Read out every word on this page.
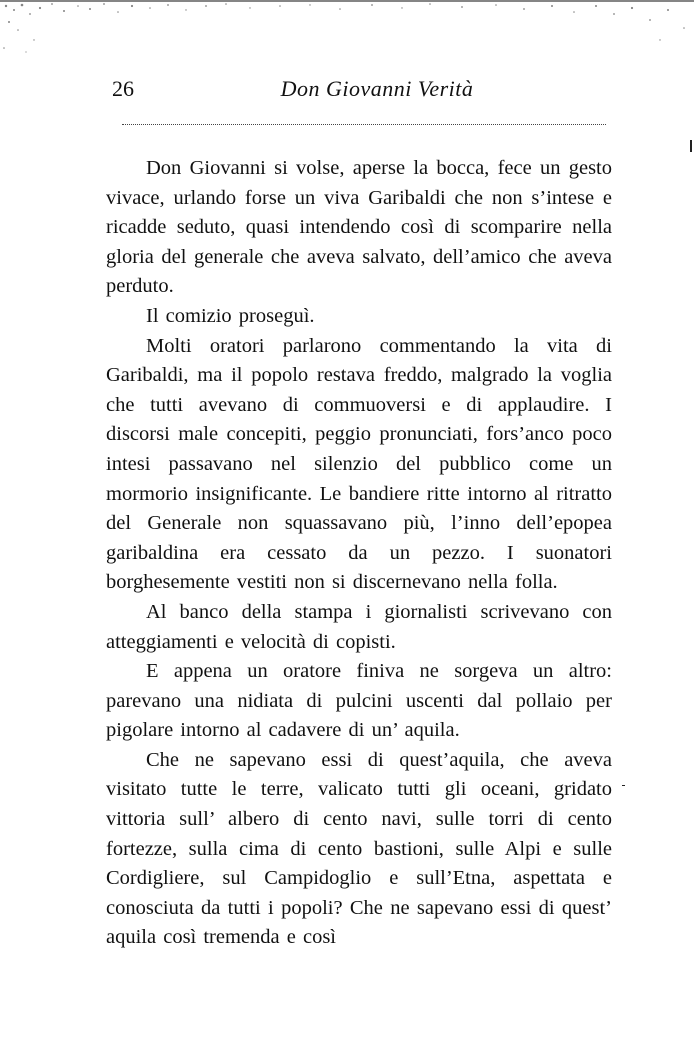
26	Don Giovanni Verità

Don Giovanni si volse, aperse la bocca, fece un gesto vivace, urlando forse un viva Garibaldi che non s’intese e ricadde seduto, quasi intendendo così di scomparire nella gloria del generale che aveva salvato, dell’amico che aveva perduto.

Il comizio proseguì.

Molti oratori parlarono commentando la vita di Garibaldi, ma il popolo restava freddo, malgrado la voglia che tutti avevano di commuoversi e di applaudire. I discorsi male concepiti, peggio pronunciati, fors’anco poco intesi passavano nel silenzio del pubblico come un mormorio insignificante. Le bandiere ritte intorno al ritratto del Generale non squassavano più, l’inno dell’epopea garibaldina era cessato da un pezzo. I suonatori borghesemente vestiti non si discernevano nella folla.

Al banco della stampa i giornalisti scrivevano con atteggiamenti e velocità di copisti.

E appena un oratore finiva ne sorgeva un altro: parevano una nidiata di pulcini uscenti dal pollaio per pigolare intorno al cadavere di un’ aquila.

Che ne sapevano essi di quest’aquila, che aveva visitato tutte le terre, valicato tutti gli oceani, gridato vittoria sull’ albero di cento navi, sulle torri di cento fortezze, sulla cima di cento bastioni, sulle Alpi e sulle Cordigliere, sul Campidoglio e sull’Etna, aspettata e conosciuta da tutti i popoli? Che ne sapevano essi di quest’ aquila così tremenda e così
